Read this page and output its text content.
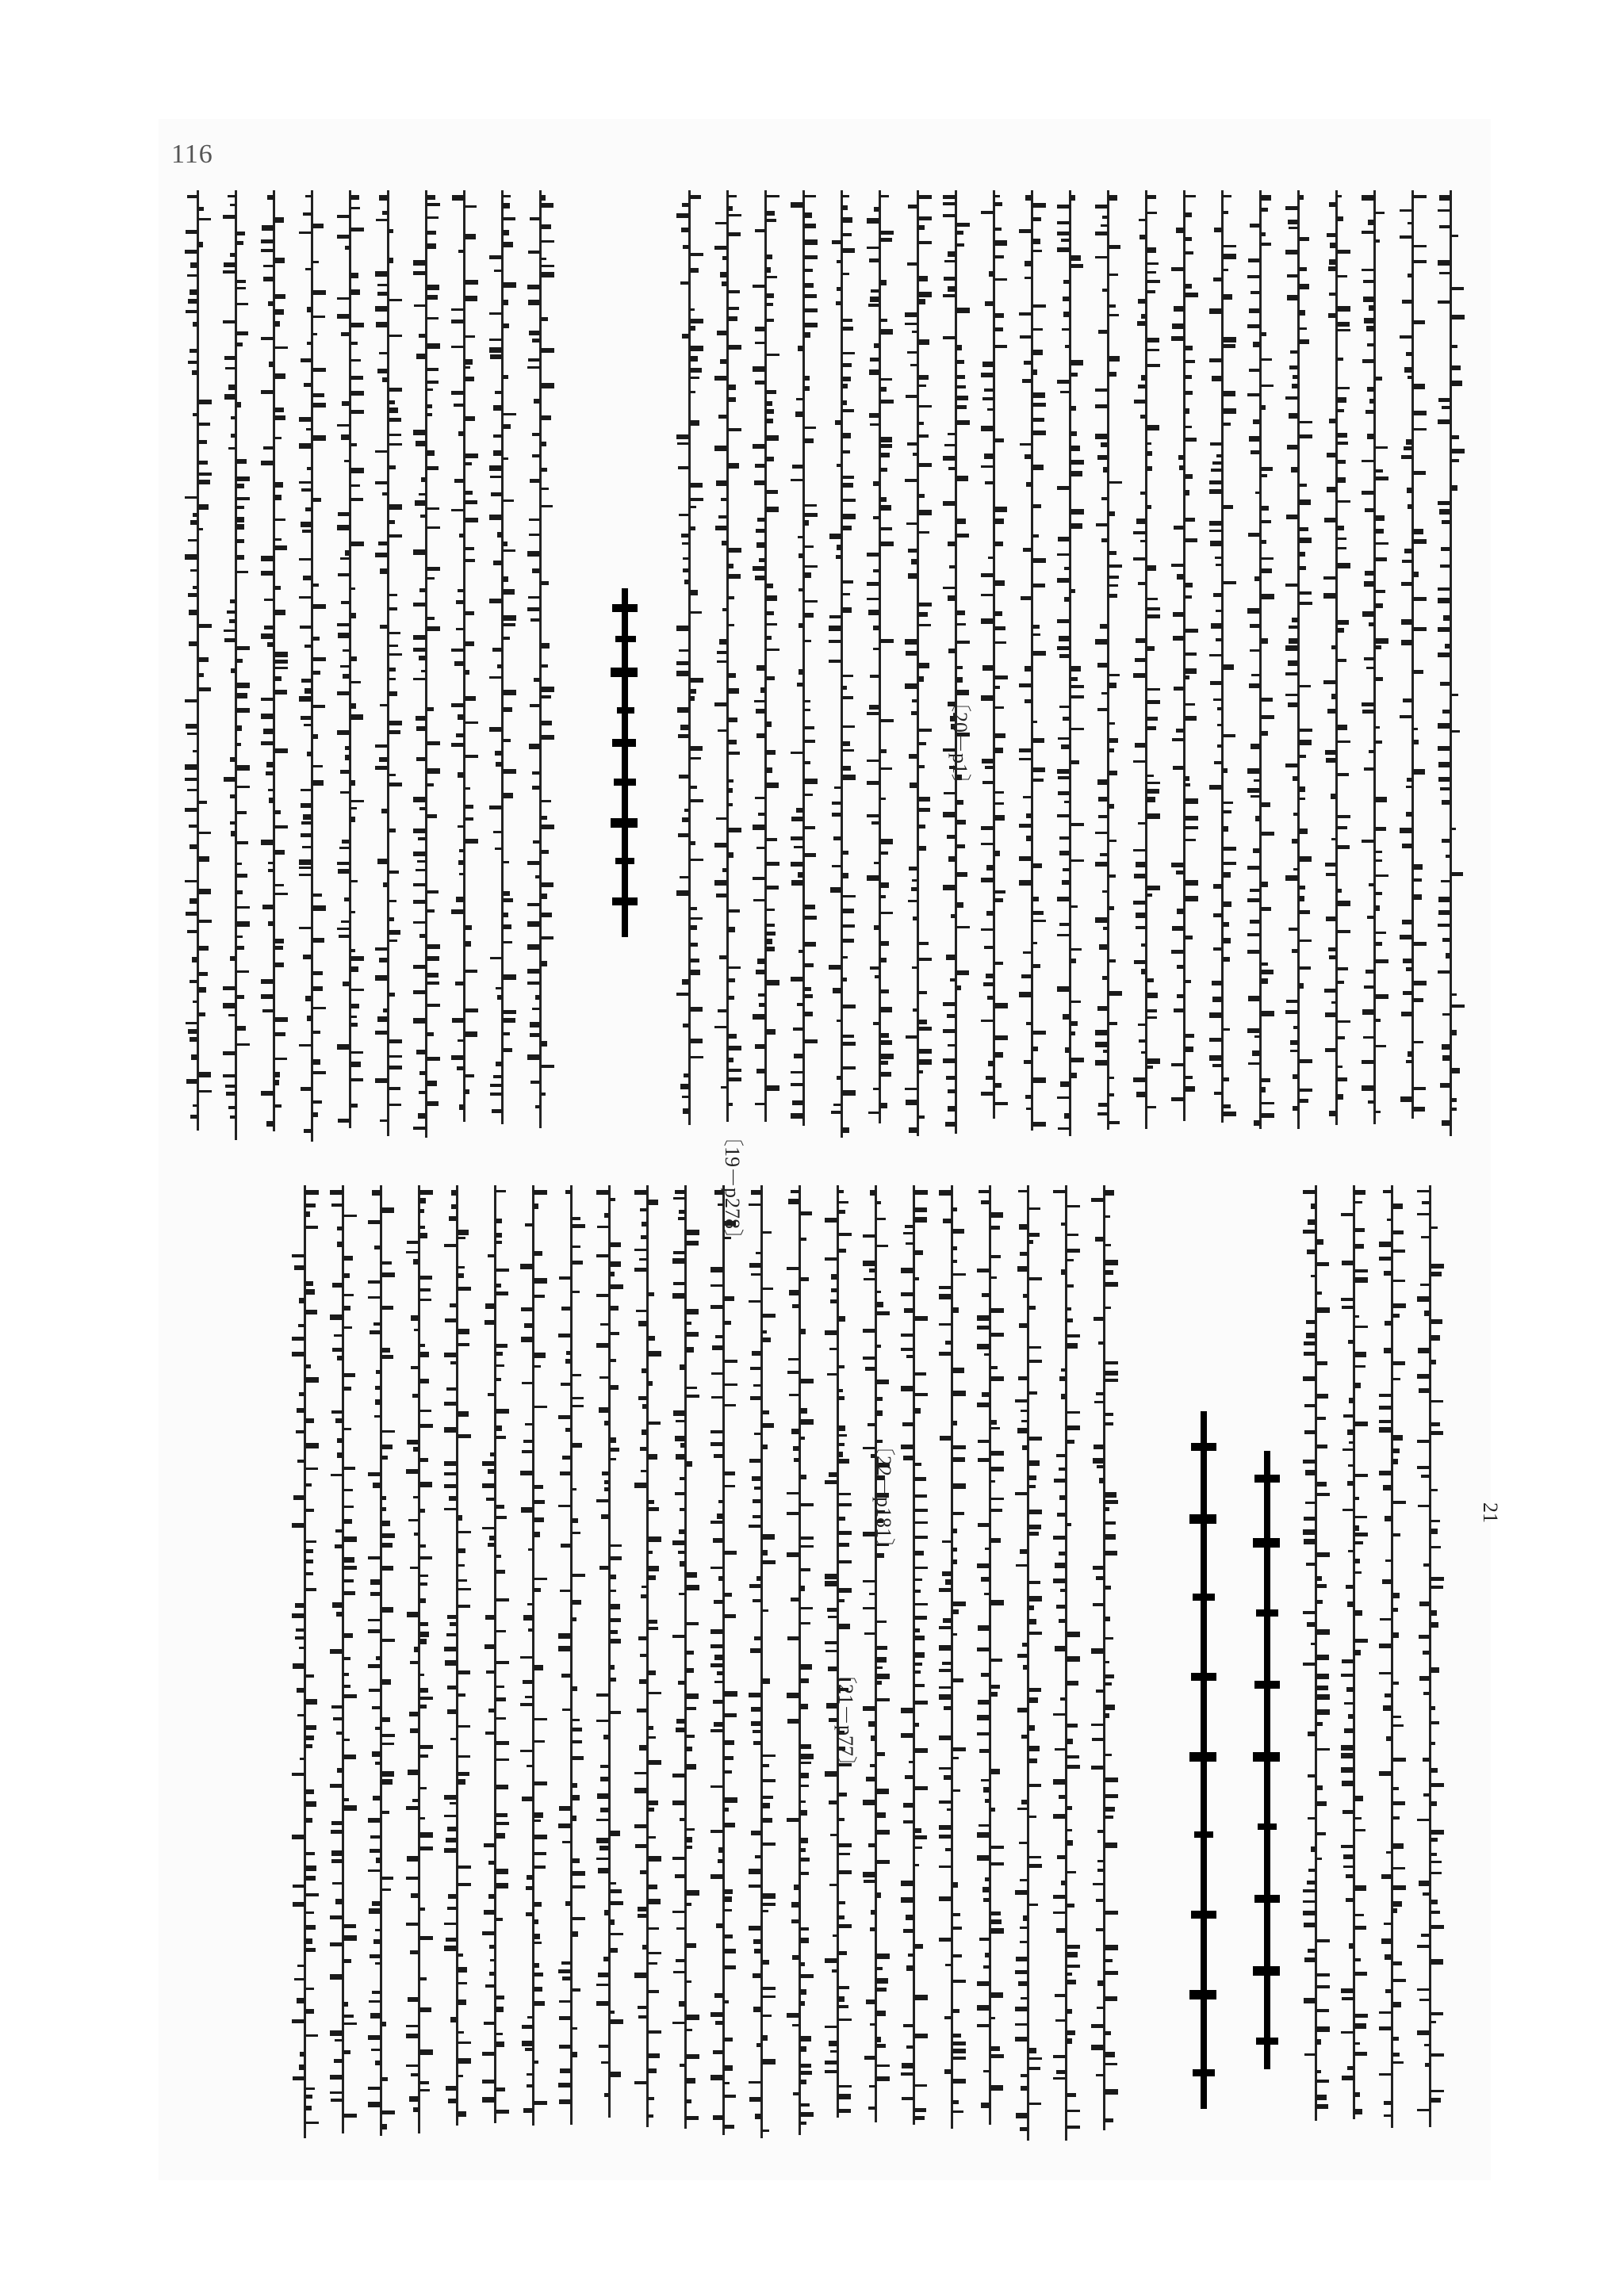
116
〔19－p278〕
〔20－p1〕
〔21－p77〕
〔22－p181〕	21
